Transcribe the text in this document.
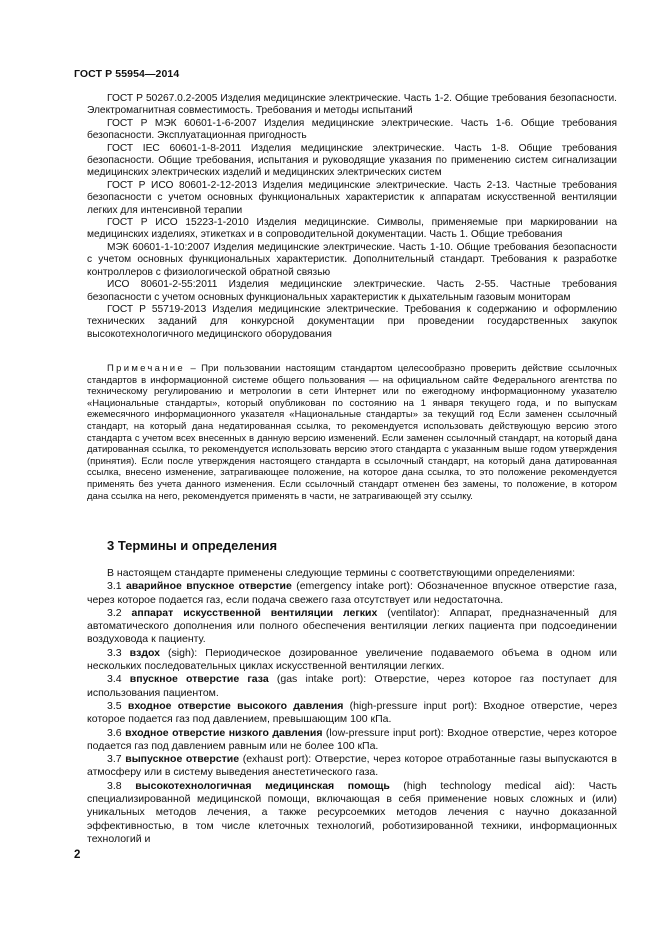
ГОСТ Р 55954—2014

ГОСТ Р 50267.0.2-2005 Изделия медицинские электрические. Часть 1-2. Общие требования безопасности. Электромагнитная совместимость. Требования и методы испытаний

ГОСТ Р МЭК 60601-1-6-2007 Изделия медицинские электрические. Часть 1-6. Общие требования безопасности. Эксплуатационная пригодность

ГОСТ IEC 60601-1-8-2011 Изделия медицинские электрические. Часть 1-8. Общие требования безопасности. Общие требования, испытания и руководящие указания по применению систем сигнализации медицинских электрических изделий и медицинских электрических систем

ГОСТ Р ИСО 80601-2-12-2013 Изделия медицинские электрические. Часть 2-13. Частные требования безопасности с учетом основных функциональных характеристик к аппаратам искусственной вентиляции легких для интенсивной терапии

ГОСТ Р ИСО 15223-1-2010 Изделия медицинские. Символы, применяемые при маркировании на медицинских изделиях, этикетках и в сопроводительной документации. Часть 1. Общие требования

МЭК 60601-1-10:2007 Изделия медицинские электрические. Часть 1-10. Общие требования безопасности с учетом основных функциональных характеристик. Дополнительный стандарт. Требования к разработке контроллеров с физиологической обратной связью

ИСО 80601-2-55:2011 Изделия медицинские электрические. Часть 2-55. Частные требования безопасности с учетом основных функциональных характеристик к дыхательным газовым мониторам

ГОСТ Р 55719-2013 Изделия медицинские электрические. Требования к содержанию и оформлению технических заданий для конкурсной документации при проведении государственных закупок высокотехнологичного медицинского оборудования

Примечание – При пользовании настоящим стандартом целесообразно проверить действие ссылочных стандартов в информационной системе общего пользования — на официальном сайте Федерального агентства по техническому регулированию и метрологии в сети Интернет или по ежегодному информационному указателю «Национальные стандарты», который опубликован по состоянию на 1 января текущего года, и по выпускам ежемесячного информационного указателя «Национальные стандарты» за текущий год Если заменен ссылочный стандарт, на который дана недатированная ссылка, то рекомендуется использовать действующую версию этого стандарта с учетом всех внесенных в данную версию изменений. Если заменен ссылочный стандарт, на который дана датированная ссылка, то рекомендуется использовать версию этого стандарта с указанным выше годом утверждения (принятия). Если после утверждения настоящего стандарта в ссылочный стандарт, на который дана датированная ссылка, внесено изменение, затрагивающее положение, на которое дана ссылка, то это положение рекомендуется применять без учета данного изменения. Если ссылочный стандарт отменен без замены, то положение, в котором дана ссылка на него, рекомендуется применять в части, не затрагивающей эту ссылку.

3 Термины и определения

В настоящем стандарте применены следующие термины с соответствующими определениями:

3.1 аварийное впускное отверстие (emergency intake port): Обозначенное впускное отверстие газа, через которое подается газ, если подача свежего газа отсутствует или недостаточна.

3.2 аппарат искусственной вентиляции легких (ventilator): Аппарат, предназначенный для автоматического дополнения или полного обеспечения вентиляции легких пациента при подсоединении воздуховода к пациенту.

3.3 вздох (sigh): Периодическое дозированное увеличение подаваемого объема в одном или нескольких последовательных циклах искусственной вентиляции легких.

3.4 впускное отверстие газа (gas intake port): Отверстие, через которое газ поступает для использования пациентом.

3.5 входное отверстие высокого давления (high-pressure input port): Входное отверстие, через которое подается газ под давлением, превышающим 100 кПа.

3.6 входное отверстие низкого давления (low-pressure input port): Входное отверстие, через которое подается газ под давлением равным или не более 100 кПа.

3.7 выпускное отверстие (exhaust port): Отверстие, через которое отработанные газы выпускаются в атмосферу или в систему выведения анестетического газа.

3.8 высокотехнологичная медицинская помощь (high technology medical aid): Часть специализированной медицинской помощи, включающая в себя применение новых сложных и (или) уникальных методов лечения, а также ресурсоемких методов лечения с научно доказанной эффективностью, в том числе клеточных технологий, роботизированной техники, информационных технологий и

2
